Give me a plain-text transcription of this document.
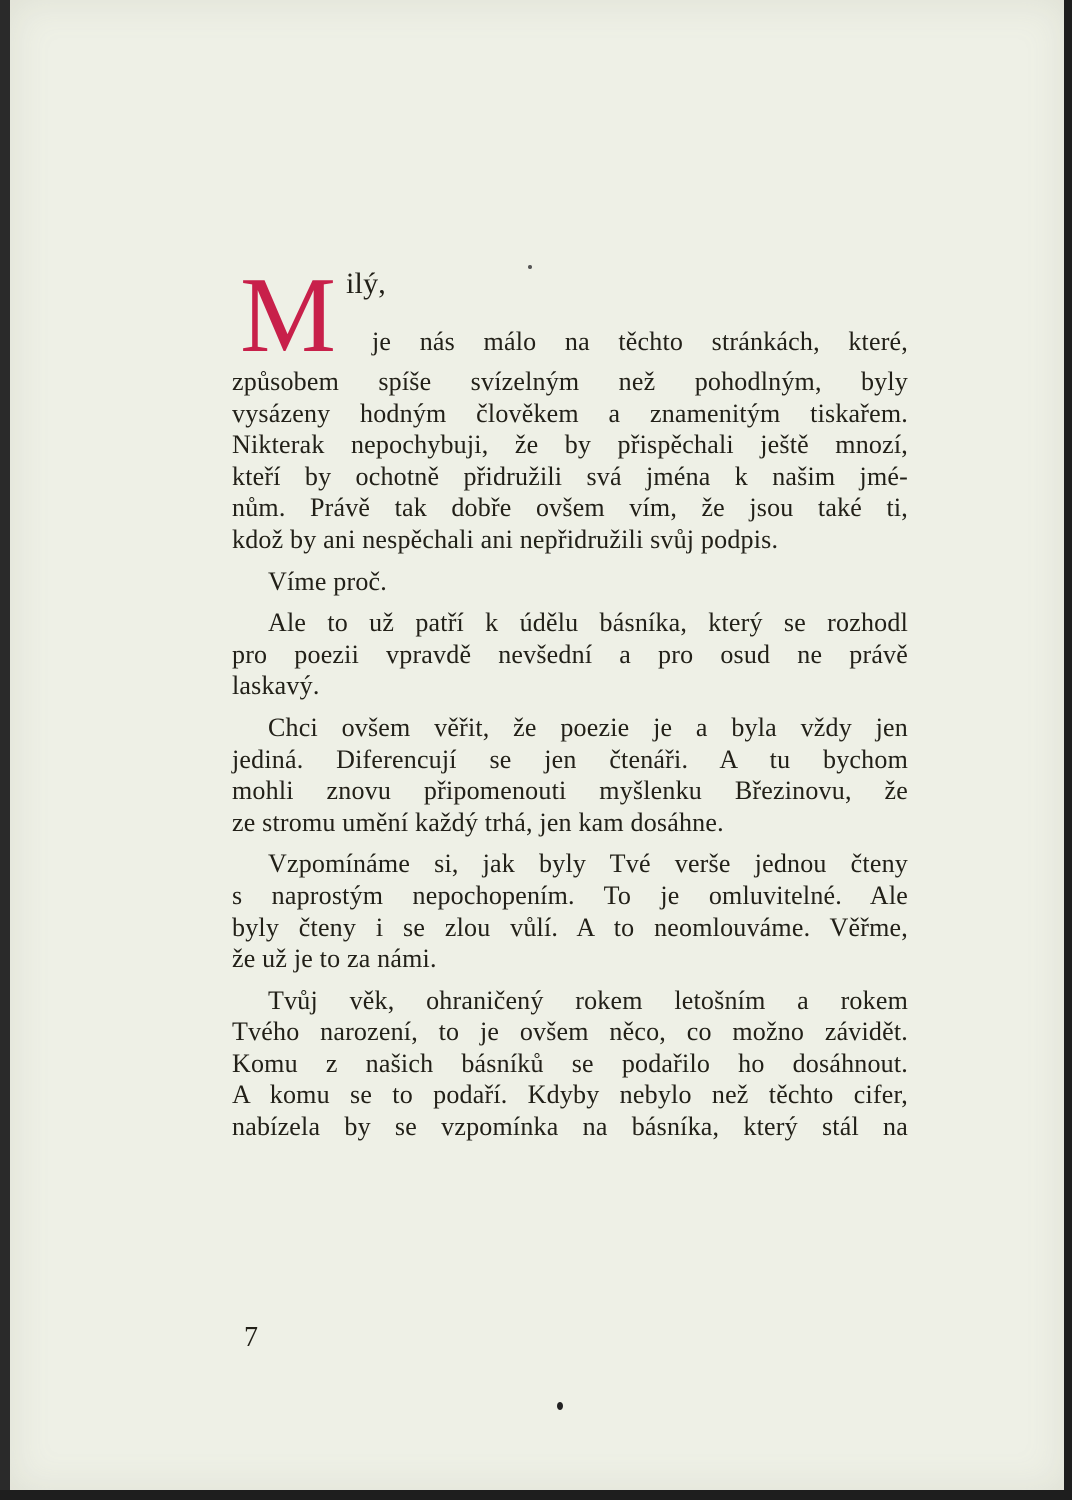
M ilý,
je nás málo na těchto stránkách, které,
způsobem spíše svízelným než pohodlným, byly
vysázeny hodným člověkem a znamenitým tiskařem.
Nikterak nepochybuji, že by přispěchali ještě mnozí,
kteří by ochotně přidružili svá jména k našim jmé-
nům. Právě tak dobře ovšem vím, že jsou také ti,
kdož by ani nespěchali ani nepřidružili svůj podpis.
Víme proč.
Ale to už patří k údělu básníka, který se rozhodl
pro poezii vpravdě nevšední a pro osud ne právě
laskavý.
Chci ovšem věřit, že poezie je a byla vždy jen
jediná. Diferencují se jen čtenáři. A tu bychom
mohli znovu připomenouti myšlenku Březinovu, že
ze stromu umění každý trhá, jen kam dosáhne.
Vzpomínáme si, jak byly Tvé verše jednou čteny
s naprostým nepochopením. To je omluvitelné. Ale
byly čteny i se zlou vůlí. A to neomlouváme. Věřme,
že už je to za námi.
Tvůj věk, ohraničený rokem letošním a rokem
Tvého narození, to je ovšem něco, co možno závidět.
Komu z našich básníků se podařilo ho dosáhnout.
A komu se to podaří. Kdyby nebylo než těchto cifer,
nabízela by se vzpomínka na básníka, který stál na
7
